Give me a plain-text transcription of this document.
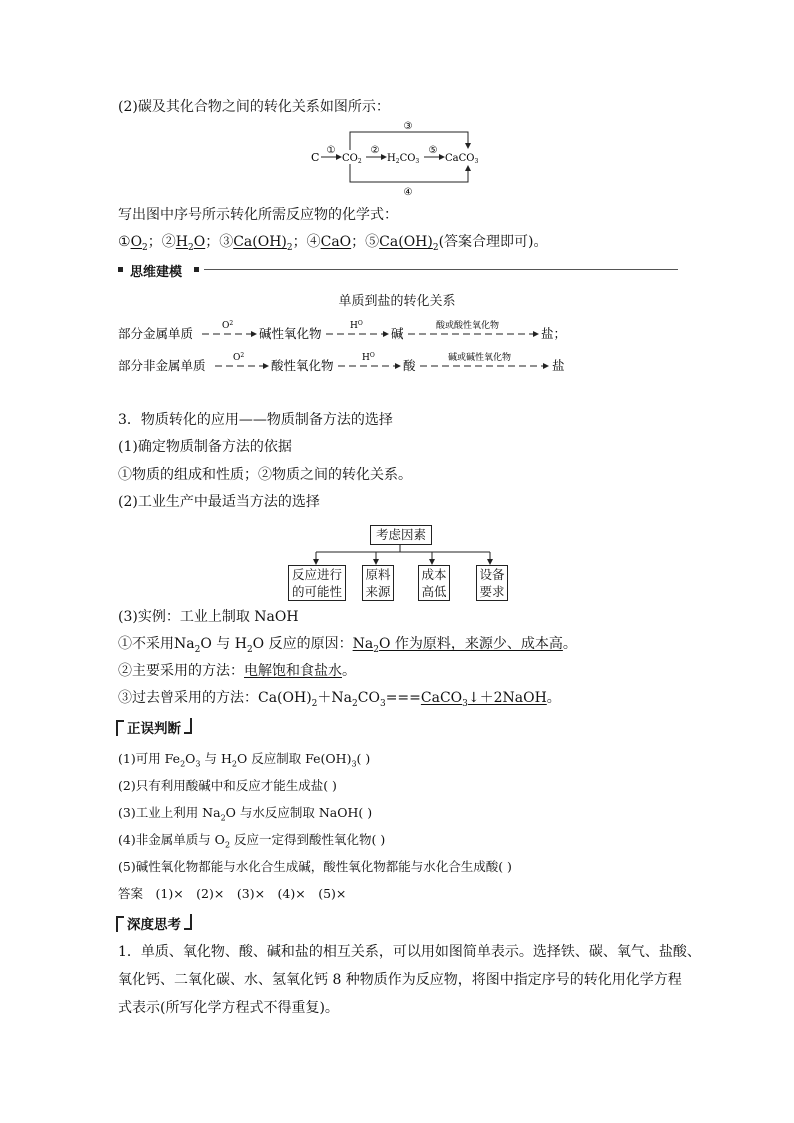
(2)碳及其化合物之间的转化关系如图所示：
③
④
①	②	⑤
C $CO_2$	$H_2CO_3$	CaCO$_3$
写出图中序号所示转化所需反应物的化学式：
$①O_2$；$②H_2O$；$③Ca(OH)_2$；④CaO；$⑤Ca(OH)_2$(答案合理即可)。
思维建模
单质到盐的转化关系
部分金属单质	$O^2$
碱性氧化物	$H^O$
碱	酸或酸性氧化物	盐；
部分非金属单质	$O^2$
酸性氧化物	$H^O$
酸	碱或碱性氧化物	盐
3．物质转化的应用——物质制备方法的选择
(1)确定物质制备方法的依据
①物质的组成和性质；②物质之间的转化关系。
(2)工业生产中最适当方法的选择
考虑因素
反应进行
的可能性
原料
来源
成本
高低
设备
要求
(3)实例：工业上制取 NaOH
①不采用$Na_2O$ 与 $H_2O$ 反应的原因：$Na_2O$ 作为原料，来源少、成本高。
②主要采用的方法：电解饱和食盐水。
③过去曾采用的方法：$Ca(OH)_2+Na_2CO_3===CaCO_3↓+2NaOH$。
正误判断
(1)可用 $Fe_2O_3$ 与 $H_2O$ 反应制取 $Fe(OH)_3$( )
(2)只有利用酸碱中和反应才能生成盐( )
(3)工业上利用 $Na_2O$ 与水反应制取 NaOH( )
(4)非金属单质与 $O_2$ 反应一定得到酸性氧化物( )
(5)碱性氧化物都能与水化合生成碱，酸性氧化物都能与水化合生成酸( )
答案　(1)×　(2)×　(3)×　(4)×　(5)×
深度思考
1．单质、氧化物、酸、碱和盐的相互关系，可以用如图简单表示。选择铁、碳、氧气、盐酸、
氧化钙、二氧化碳、水、氢氧化钙 8 种物质作为反应物，将图中指定序号的转化用化学方程
式表示(所写化学方程式不得重复)。
